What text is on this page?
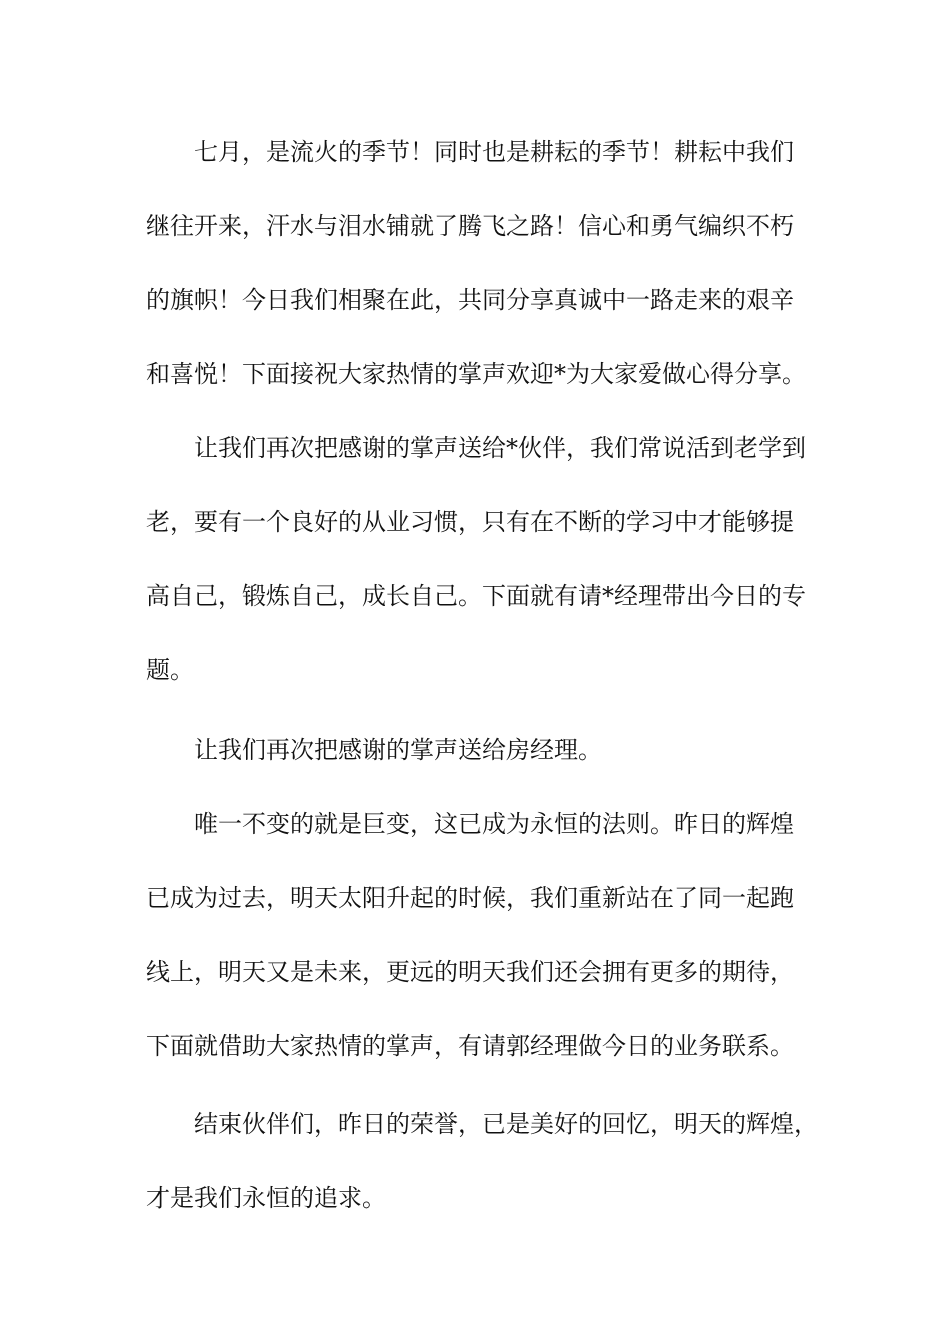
七月，是流火的季节！同时也是耕耘的季节！耕耘中我们
继往开来，汗水与泪水铺就了腾飞之路！信心和勇气编织不朽
的旗帜！今日我们相聚在此，共同分享真诚中一路走来的艰辛
和喜悦！下面接祝大家热情的掌声欢迎*为大家爱做心得分享。
让我们再次把感谢的掌声送给*伙伴，我们常说活到老学到
老，要有一个良好的从业习惯，只有在不断的学习中才能够提
高自己，锻炼自己，成长自己。下面就有请*经理带出今日的专
题。
让我们再次把感谢的掌声送给房经理。
唯一不变的就是巨变，这已成为永恒的法则。昨日的辉煌
已成为过去，明天太阳升起的时候，我们重新站在了同一起跑
线上，明天又是未来，更远的明天我们还会拥有更多的期待，
下面就借助大家热情的掌声，有请郭经理做今日的业务联系。
结束伙伴们，昨日的荣誉，已是美好的回忆，明天的辉煌，
才是我们永恒的追求。
